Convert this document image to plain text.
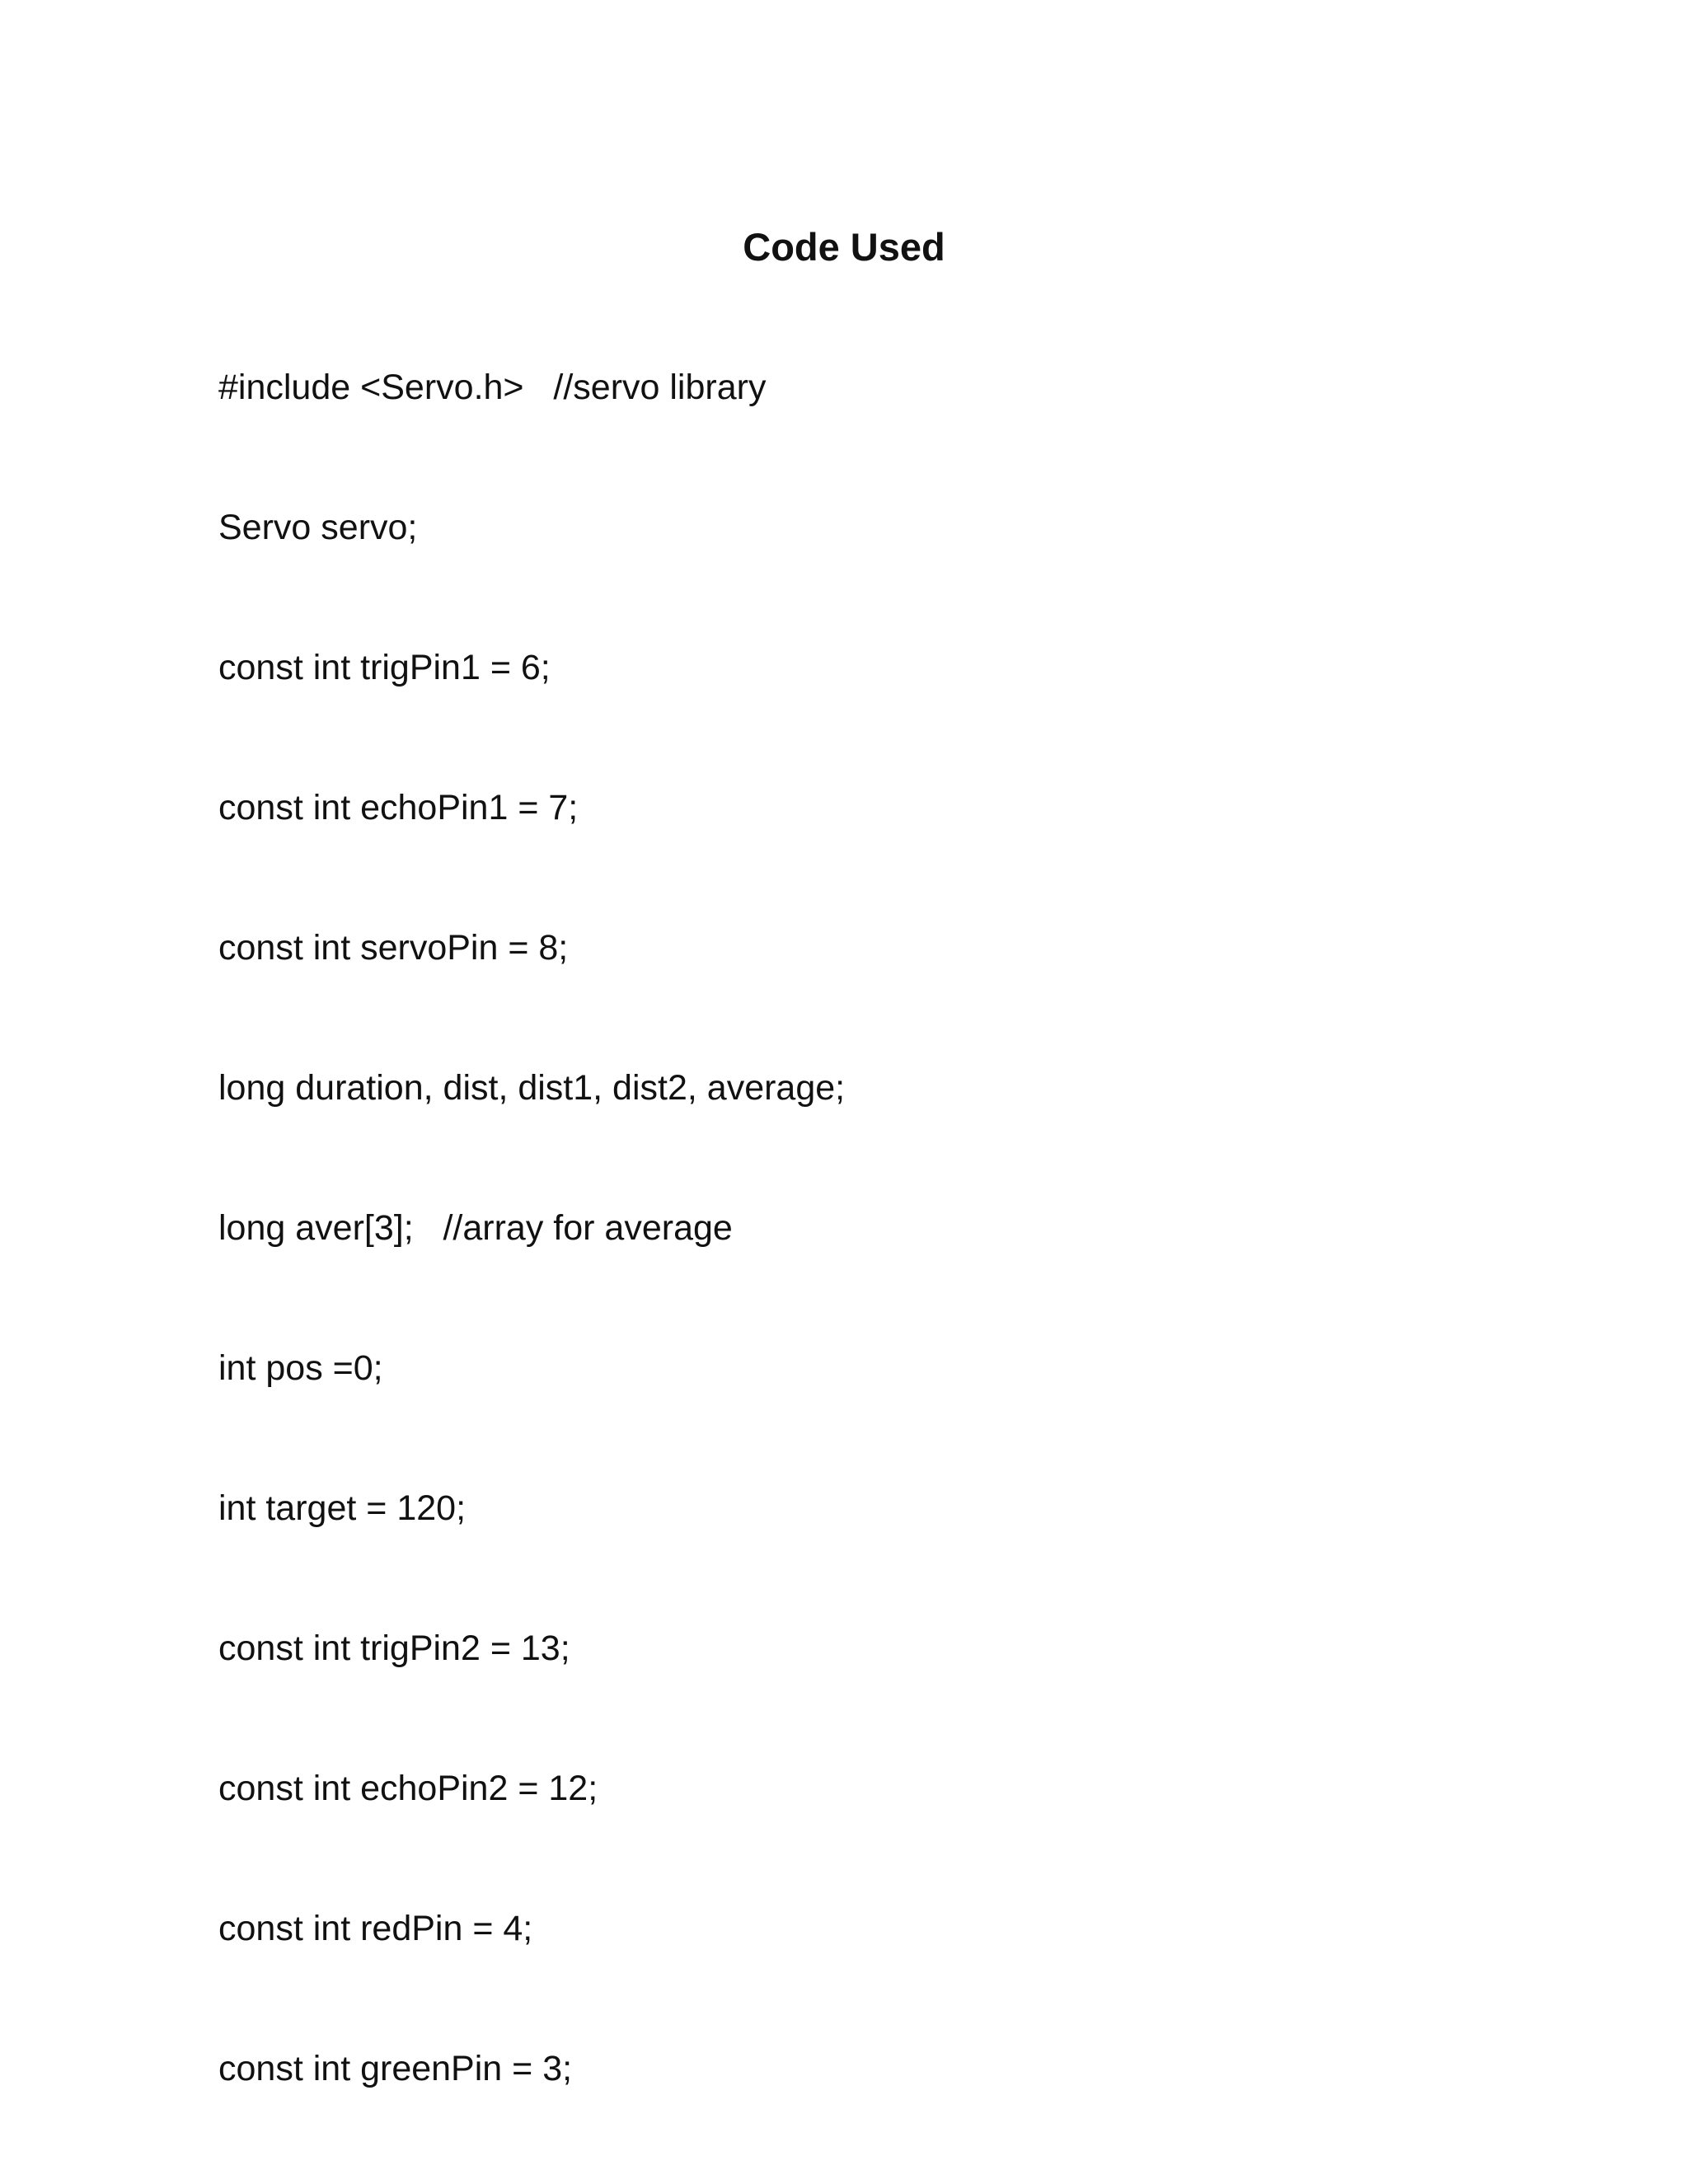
Code Used
#include <Servo.h>   //servo library
Servo servo;
const int trigPin1 = 6;
const int echoPin1 = 7;
const int servoPin = 8;
long duration, dist, dist1, dist2, average;
long aver[3];   //array for average
int pos =0;
int target = 120;
const int trigPin2 = 13;
const int echoPin2 = 12;
const int redPin = 4;
const int greenPin = 3;
